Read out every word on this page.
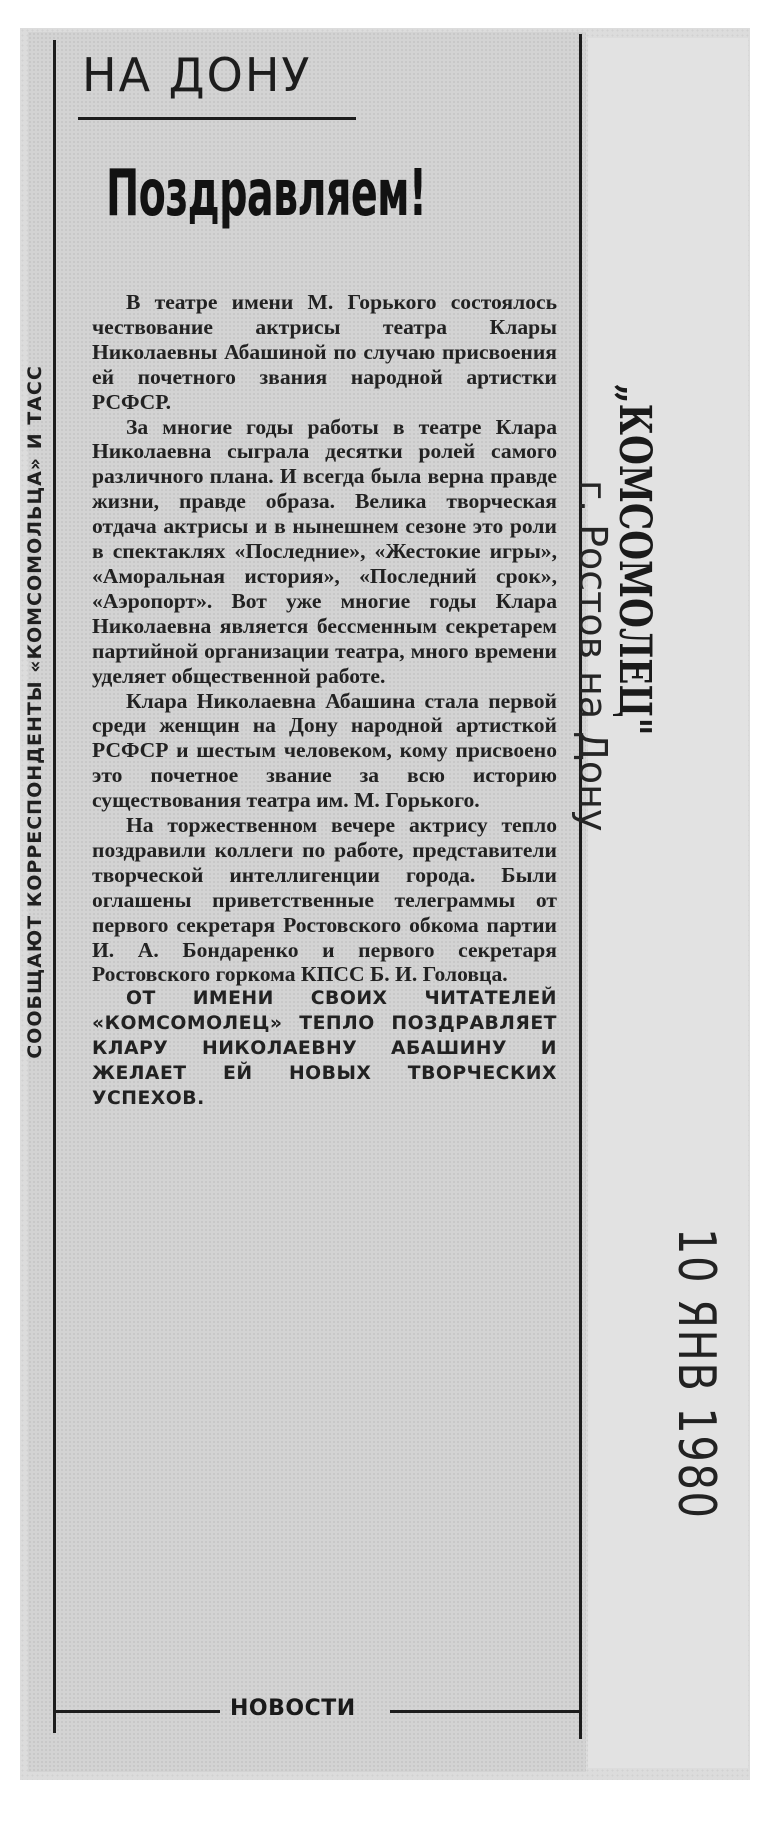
НА ДОНУ
Поздравляем!
СООБЩАЮТ КОРРЕСПОНДЕНТЫ «КОМСОМОЛЬЦА» И ТАСС

В театре имени М. Горького состоялось чествование актрисы театра Клары Николаевны Абашиной по случаю присвоения ей почетного звания народной артистки РСФСР.

За многие годы работы в театре Клара Николаевна сыграла десятки ролей самого различного плана. И всегда была верна правде жизни, правде образа. Велика творческая отдача актрисы и в нынешнем сезоне это роли в спектаклях «Последние», «Жестокие игры», «Аморальная история», «Последний срок», «Аэропорт». Вот уже многие годы Клара Николаевна является бессменным секретарем партийной организации театра, много времени уделяет общественной работе.

Клара Николаевна Абашина стала первой среди женщин на Дону народной артисткой РСФСР и шестым человеком, кому присвоено это почетное звание за всю историю существования театра им. М. Горького.

На торжественном вечере актрису тепло поздравили коллеги по работе, представители творческой интеллигенции города. Были оглашены приветственные телеграммы от первого секретаря Ростовского обкома партии И. А. Бондаренко и первого секретаря Ростовского горкома КПСС Б. И. Головца.

ОТ ИМЕНИ СВОИХ ЧИТАТЕЛЕЙ «КОМСОМОЛЕЦ» ТЕПЛО ПОЗДРАВЛЯЕТ КЛАРУ НИКОЛАЕВНУ АБАШИНУ И ЖЕЛАЕТ ЕЙ НОВЫХ ТВОРЧЕСКИХ УСПЕХОВ.

НОВОСТИ
„КОМСОМОЛЕЦ"
г. Ростов на Дону
10 ЯНВ 1980
